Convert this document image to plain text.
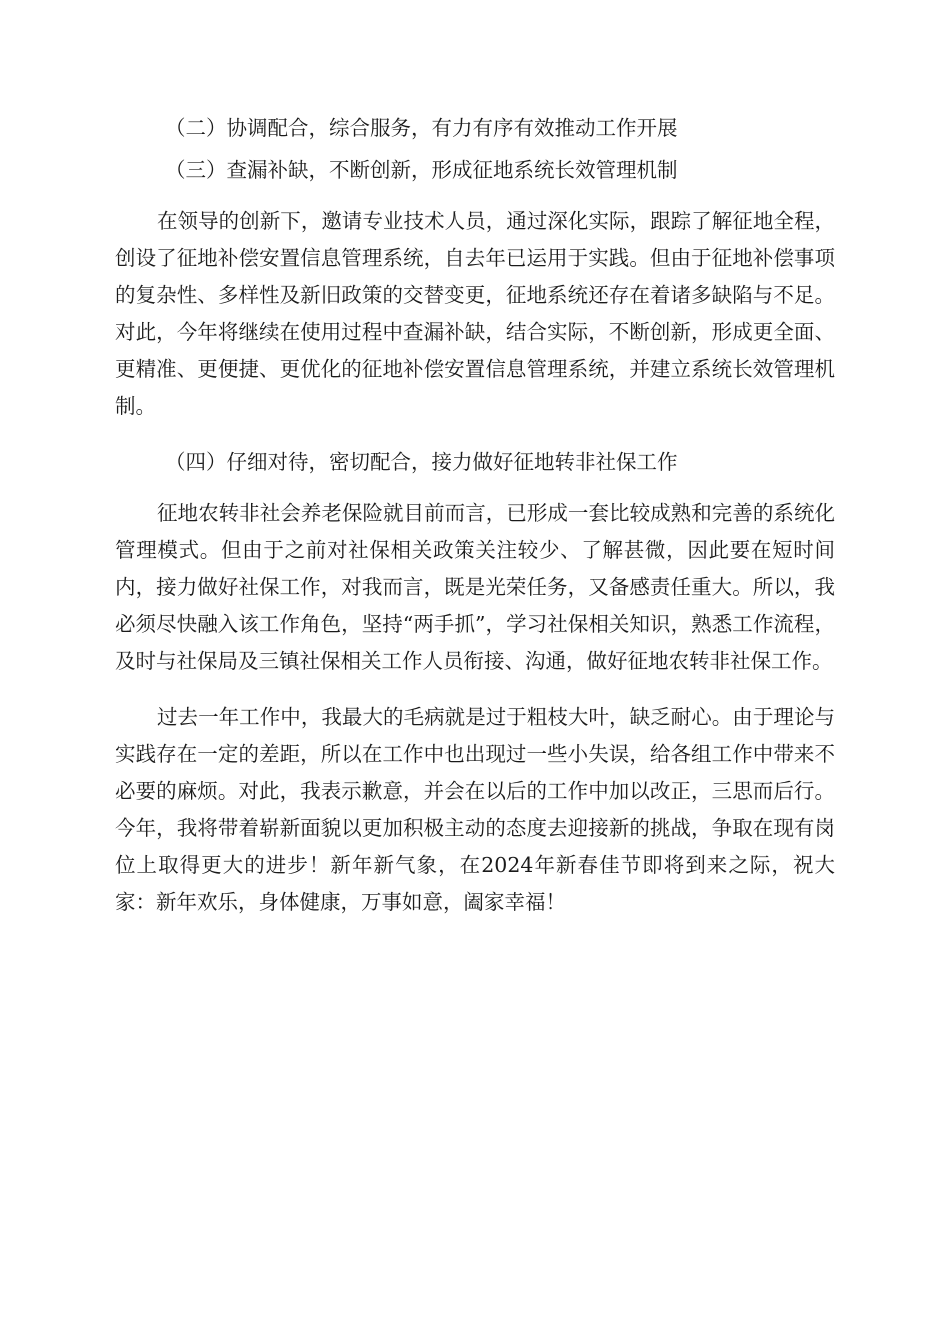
（二）协调配合，综合服务，有力有序有效推动工作开展
（三）查漏补缺，不断创新，形成征地系统长效管理机制

在领导的创新下，邀请专业技术人员，通过深化实际，跟踪了解征地全程，创设了征地补偿安置信息管理系统，自去年已运用于实践。但由于征地补偿事项的复杂性、多样性及新旧政策的交替变更，征地系统还存在着诸多缺陷与不足。对此，今年将继续在使用过程中查漏补缺，结合实际，不断创新，形成更全面、更精准、更便捷、更优化的征地补偿安置信息管理系统，并建立系统长效管理机制。

（四）仔细对待，密切配合，接力做好征地转非社保工作

征地农转非社会养老保险就目前而言，已形成一套比较成熟和完善的系统化管理模式。但由于之前对社保相关政策关注较少、了解甚微，因此要在短时间内，接力做好社保工作，对我而言，既是光荣任务，又备感责任重大。所以，我必须尽快融入该工作角色，坚持“两手抓”，学习社保相关知识，熟悉工作流程，及时与社保局及三镇社保相关工作人员衔接、沟通，做好征地农转非社保工作。

过去一年工作中，我最大的毛病就是过于粗枝大叶，缺乏耐心。由于理论与实践存在一定的差距，所以在工作中也出现过一些小失误，给各组工作中带来不必要的麻烦。对此，我表示歉意，并会在以后的工作中加以改正，三思而后行。今年，我将带着崭新面貌以更加积极主动的态度去迎接新的挑战，争取在现有岗位上取得更大的进步！新年新气象，在2024年新春佳节即将到来之际，祝大家：新年欢乐，身体健康，万事如意，阖家幸福！
